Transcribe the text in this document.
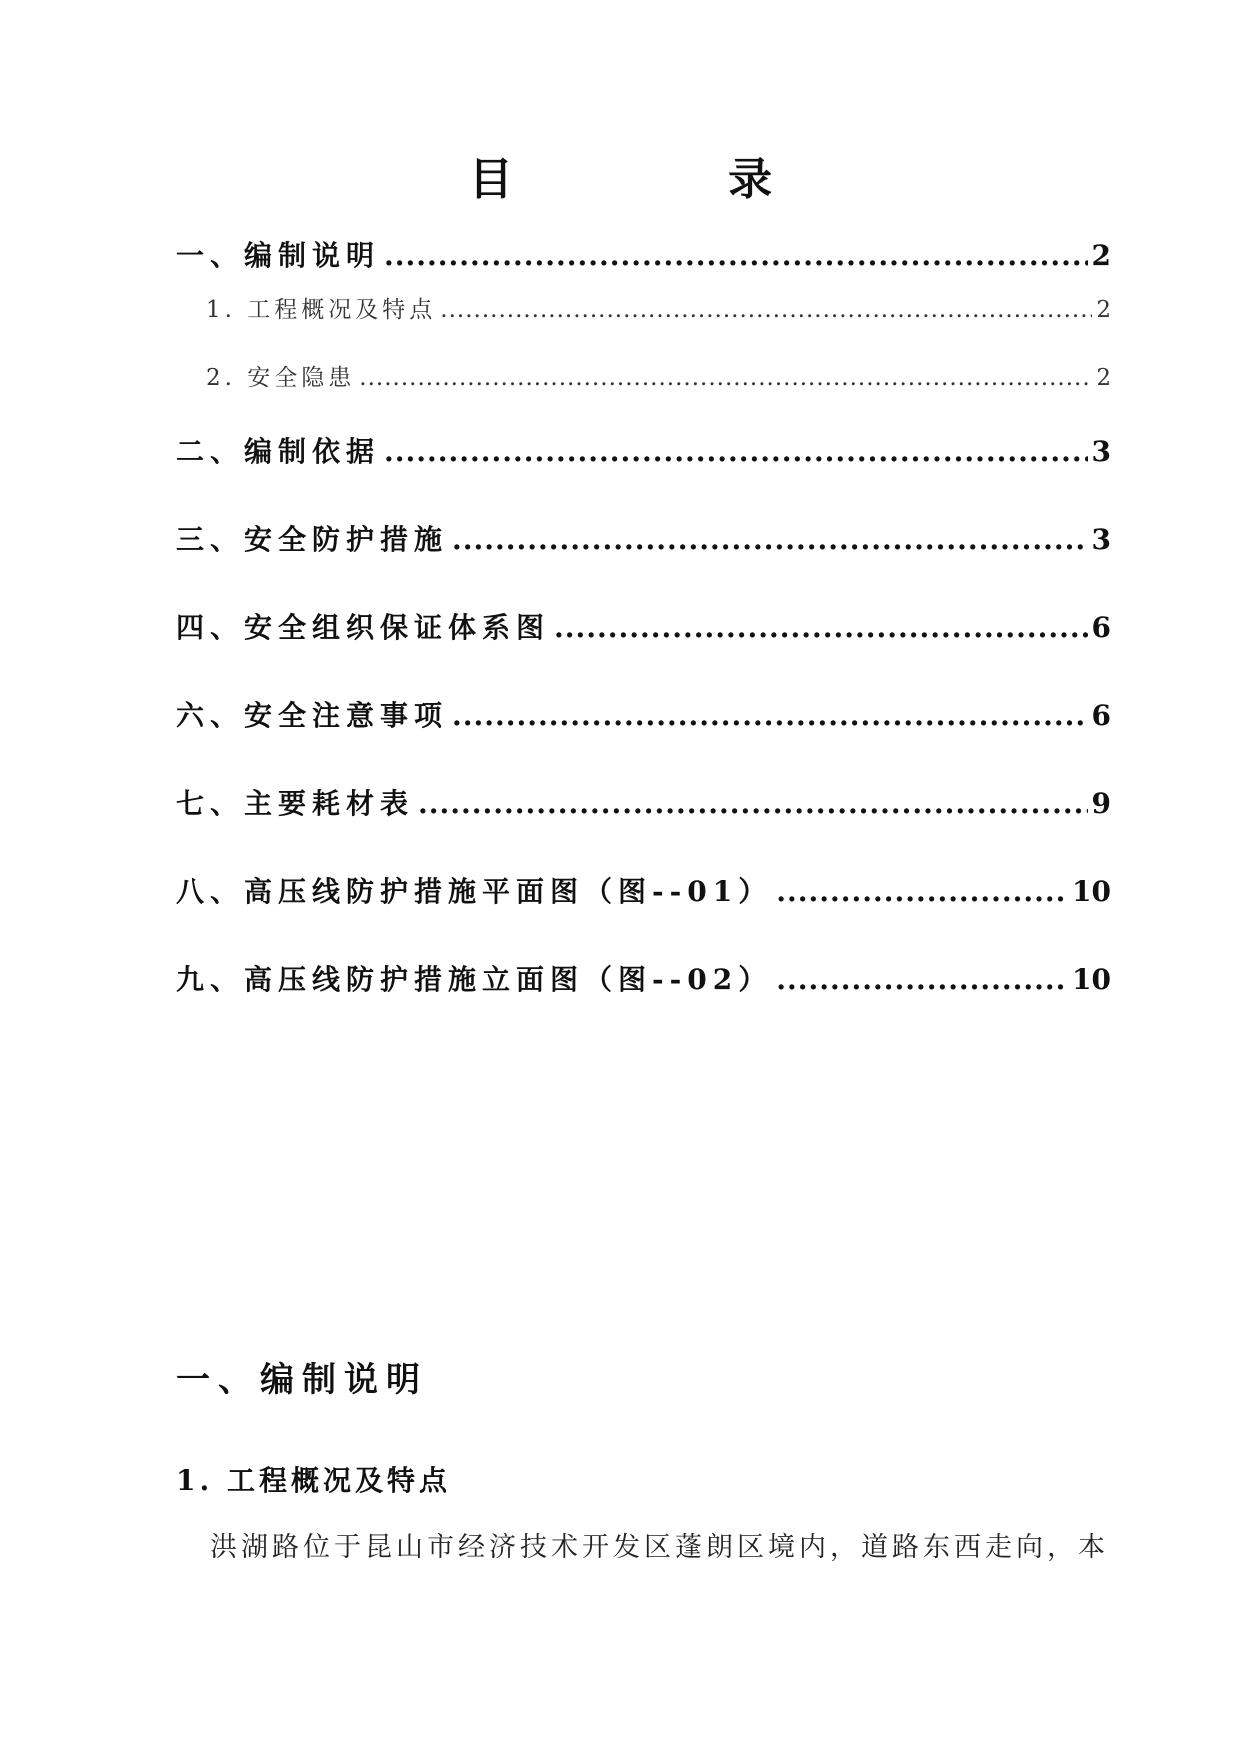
目 录
一、编制说明 .....	2
1. 工程概况及特点 .....	2
2. 安全隐患 .....	2
二、编制依据 .....	3
三、安全防护措施 .....	3
四、安全组织保证体系图 .....	6
六、安全注意事项 .....	6
七、主要耗材表 .....	9
八、高压线防护措施平面图（图--01） .....	10
九、高压线防护措施立面图（图--02） .....	10
一、编制说明
1. 工程概况及特点
洪湖路位于昆山市经济技术开发区蓬朗区境内，道路东西走向，本
